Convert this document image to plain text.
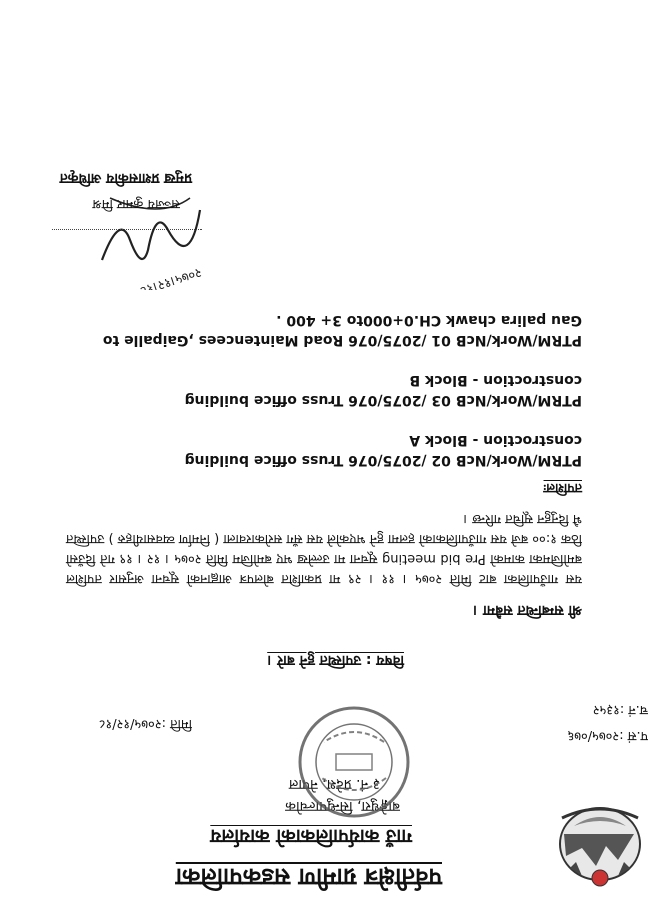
पर्वतीक्षेत्र ग्रामीण सडकपालिका
गाउँ कार्यपालिकाको कार्यालय
बाङ्गेधुरा, सिन्धुपाल्चोक
३ नं. प्रदेश, नेपाल
प.सं :२०७५/०७६
च.नं :१३५२
मिति :२०७५/१२/१८
विषय : उपस्थित हुने बारे ।
श्री सम्बन्धित सबैमा ।
यस गाउँपालिका बाट मिति २०७५ । ११ । २९ मा प्रकाशित बोलपत्र आह्वानको सूचना अनुसार तपशिल बमोजिमका कामको Pre bid meeting सूचना मा उल्लेख भए बमोजिम मिति २०७५ । १२ । १९ गते दिउँसो ठिक १:०० बजे यस गाउँपालिकाको हलमा हुने भएकोले यस सँग सरोकारवाला ( निर्माण व्यवसायीहरु ) उपस्थित भै दिनुहुन सूचित गरिन्छ ।
तपशिलः
PTRM/Work/NcB 02 /2075/076 Truss office building constroction - Block A
PTRM/Work/NcB 03 /2075/076 Truss office building constroction - Block B
PTRM/Work/NcB 01 /2075/076 Road Maintencees ,Gaipalle to Gau palira chawk CH.0+000to 3+ 400 .
२०७५।१२।१८
सञ्जय कुमार मिश्र
प्रमुख प्रशासकीय अधिकृत
